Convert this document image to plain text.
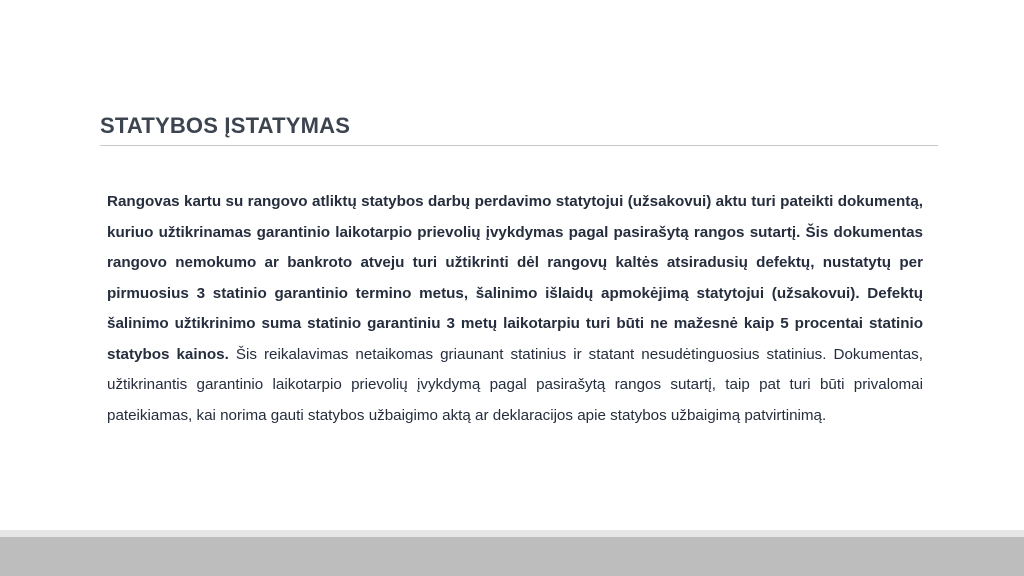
STATYBOS ĮSTATYMAS

Rangovas kartu su rangovo atliktų statybos darbų perdavimo statytojui (užsakovui) aktu turi pateikti dokumentą, kuriuo užtikrinamas garantinio laikotarpio prievolių įvykdymas pagal pasirašytą rangos sutartį. Šis dokumentas rangovo nemokumo ar bankroto atveju turi užtikrinti dėl rangovų kaltės atsiradusių defektų, nustatytų per pirmuosius 3 statinio garantinio termino metus, šalinimo išlaidų apmokėjimą statytojui (užsakovui). Defektų šalinimo užtikrinimo suma statinio garantiniu 3 metų laikotarpiu turi būti ne mažesnė kaip 5 procentai statinio statybos kainos. Šis reikalavimas netaikomas griaunant statinius ir statant nesudėtinguosius statinius. Dokumentas, užtikrinantis garantinio laikotarpio prievolių įvykdymą pagal pasirašytą rangos sutartį, taip pat turi būti privalomai pateikiamas, kai norima gauti statybos užbaigimo aktą ar deklaracijos apie statybos užbaigimą patvirtinimą.
